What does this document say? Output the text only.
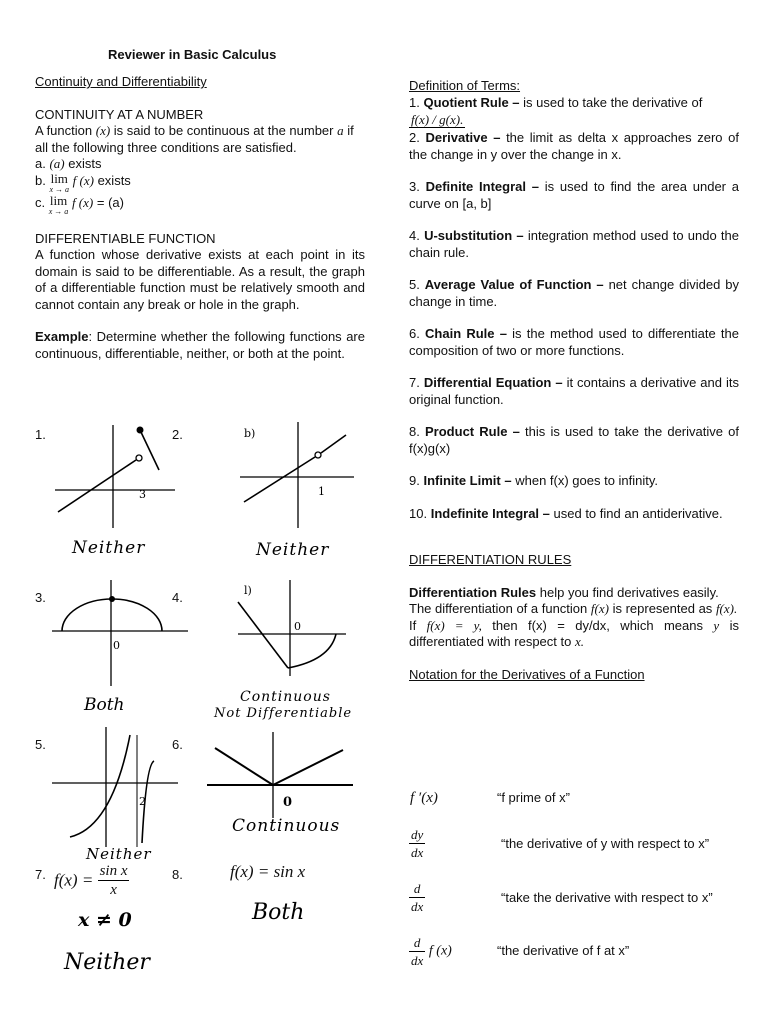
Reviewer in Basic Calculus
Continuity and Differentiability
CONTINUITY AT A NUMBER
A function (x) is said to be continuous at the number a if all the following three conditions are satisfied.
a. (a) exists
b. lim
x → a
f (x) exists
c. lim
x → a
f (x) = (a)
DIFFERENTIABLE FUNCTION
A function whose derivative exists at each point in its domain is said to be differentiable. As a result, the graph of a differentiable function must be relatively smooth and cannot contain any break or hole in the graph.
Example: Determine whether the following functions are continuous, differentiable, neither, or both at the point.
1.	2.
3.	4.
5.	6.
3
Neither
1
b)
Neither
0
Both
0
l)
Continuous
Not Differentiable
2
Neither
0
Continuous
7. $f(x) = \frac{\text{sin x}}{x}$
x ≠ 0
Neither
8.	f(x) = sin x
Both
Definition of Terms:
1. Quotient Rule – is used to take the derivative of
f(x) / g(x).
2. Derivative – the limit as delta x approaches zero of the change in y over the change in x.
3. Definite Integral – is used to find the area under a curve on [a, b]
4. U-substitution – integration method used to undo the chain rule.
5. Average Value of Function – net change divided by change in time.
6. Chain Rule – is the method used to differentiate the composition of two or more functions.
7. Differential Equation – it contains a derivative and its original function.
8. Product Rule – this is used to take the derivative of f(x)g(x)
9. Infinite Limit – when f(x) goes to infinity.
10. Indefinite Integral – used to find an antiderivative.
DIFFERENTIATION RULES
Differentiation Rules help you find derivatives easily.
The differentiation of a function f(x) is represented as f(x).
If f(x) = y, then f(x) = dy/dx, which means y is differentiated with respect to x.
Notation for the Derivatives of a Function
f ′(x)	“f prime of x”
$\frac{dy}{dx}$	“the derivative of y with respect to x”
$\frac{d}{dx}$	“take the derivative with respect to x”
$\frac{d}{dx}$ f (x)	“the derivative of f at x”
